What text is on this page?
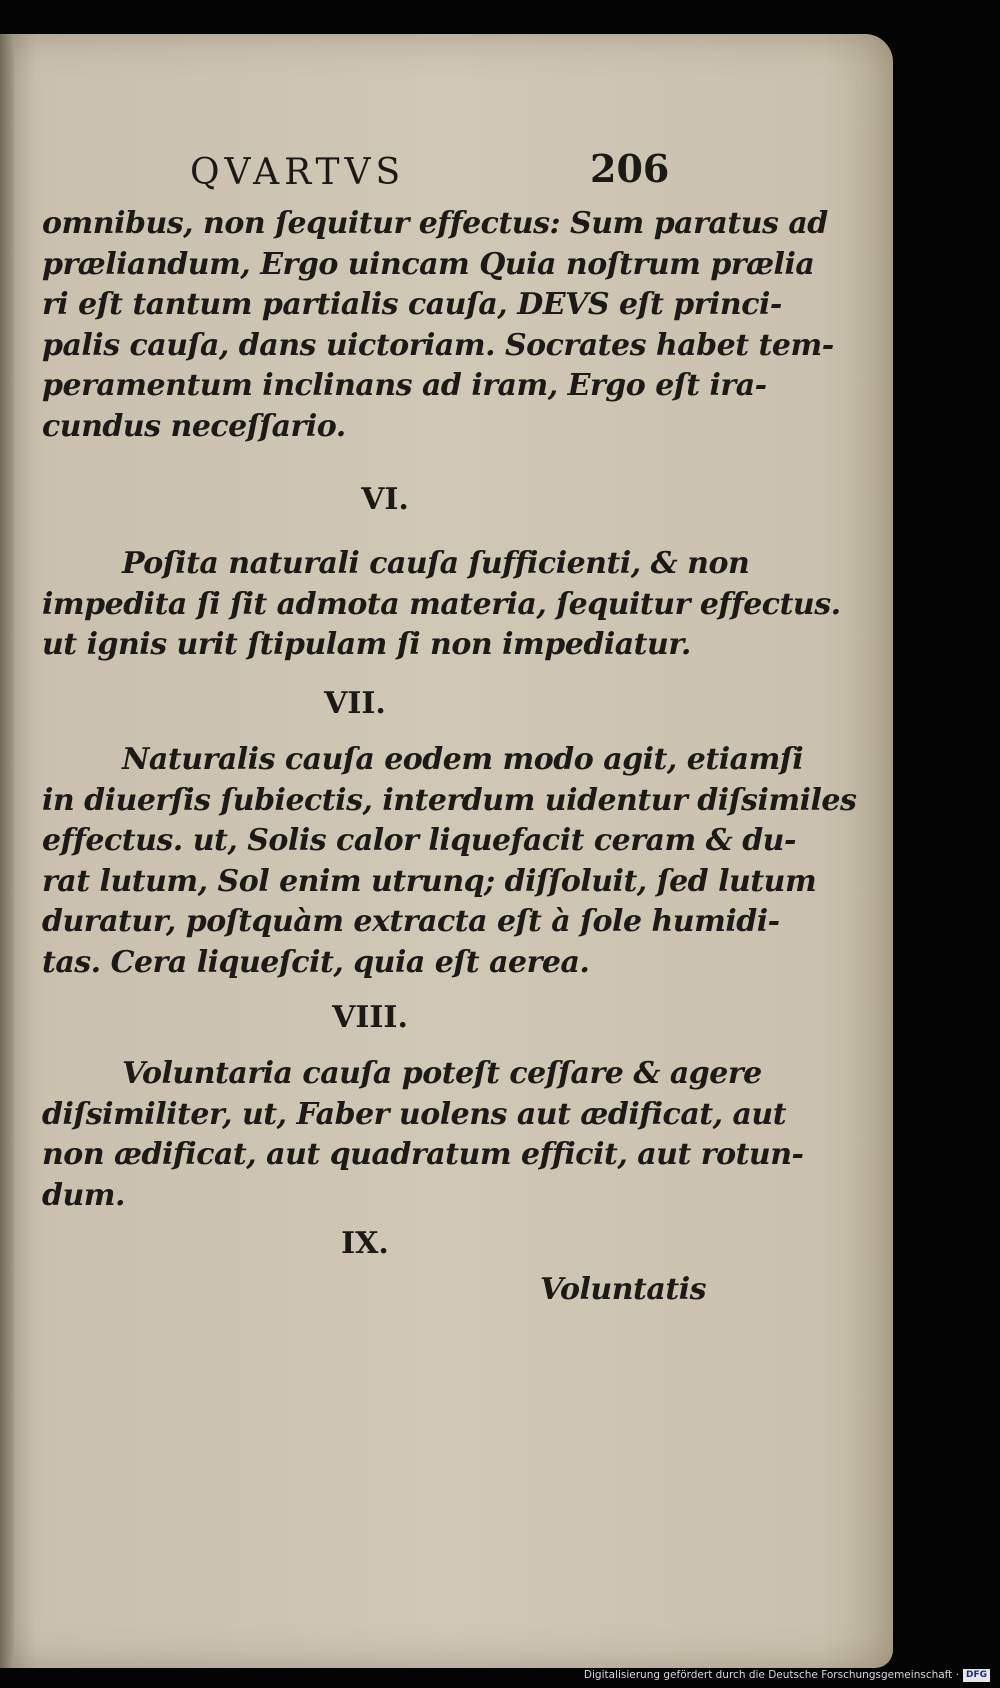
QVARTVS	206
omnibus, non ſequitur effectus: Sum paratus ad
præliandum, Ergo uincam Quia noſtrum prælia
ri eſt tantum partialis cauſa, DEVS eſt princi-
palis cauſa, dans uictoriam. Socrates habet tem-
peramentum inclinans ad iram, Ergo eſt ira-
cundus neceſſario.
VI.
Poſita naturali cauſa ſufficienti, & non
impedita ſi ſit admota materia, ſequitur effectus.
ut ignis urit ſtipulam ſi non impediatur.
VII.
Naturalis cauſa eodem modo agit, etiamſi
in diuerſis ſubiectis, interdum uidentur diſsimiles
effectus. ut, Solis calor liquefacit ceram & du-
rat lutum, Sol enim utrunq; diſſoluit, ſed lutum
duratur, poſtquàm extracta eſt à ſole humidi-
tas. Cera liqueſcit, quia eſt aerea.
VIII.
Voluntaria cauſa poteſt ceſſare & agere
diſsimiliter, ut, Faber uolens aut ædificat, aut
non ædificat, aut quadratum efficit, aut rotun-
dum.
IX.
Voluntatis
Digitalisierung gefördert durch die Deutsche Forschungsgemeinschaft · DFG
